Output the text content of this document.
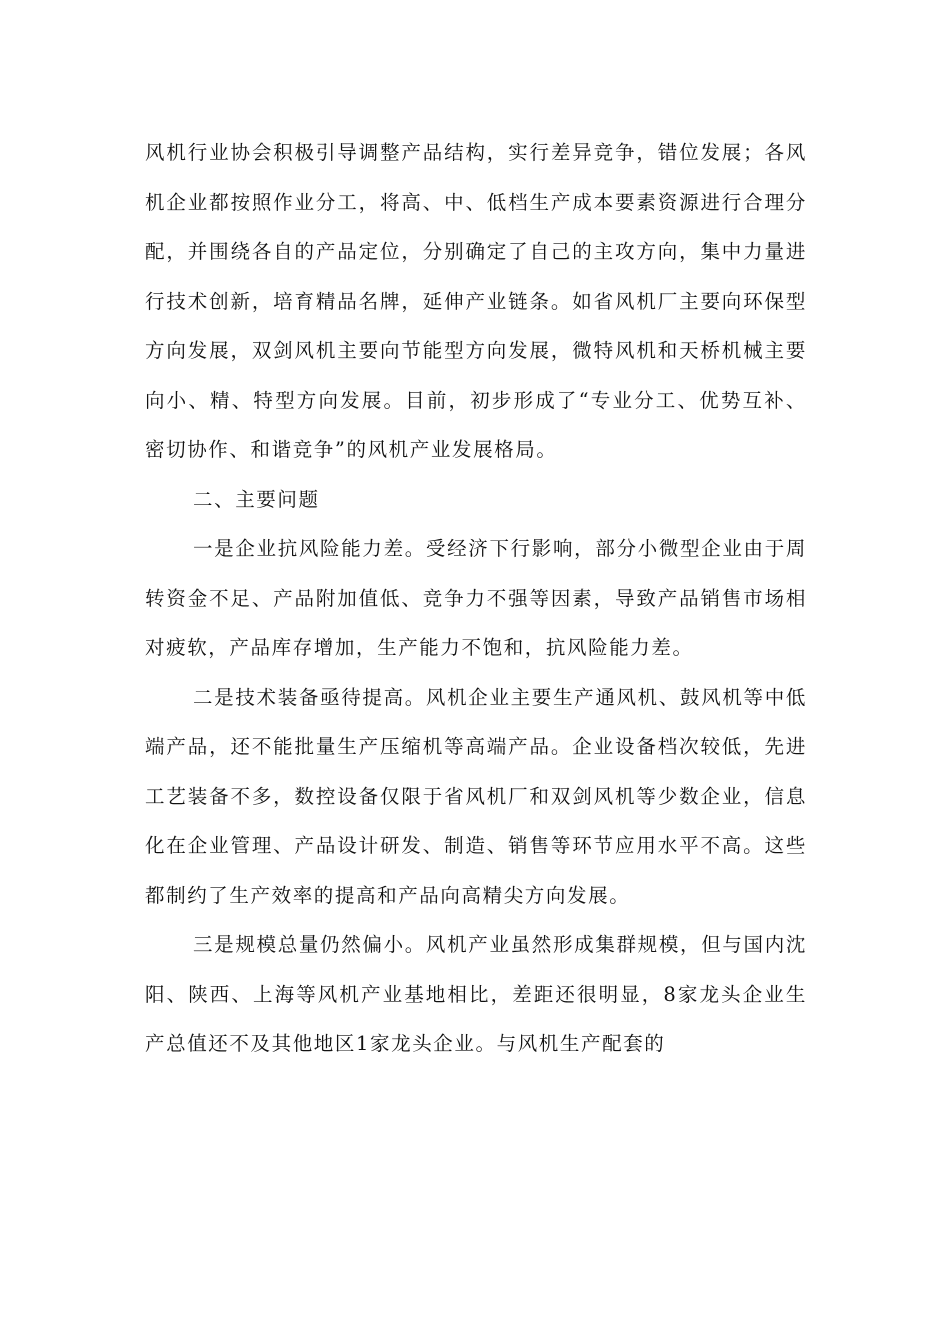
风机行业协会积极引导调整产品结构，实行差异竞争，错位发展；各风机企业都按照作业分工，将高、中、低档生产成本要素资源进行合理分配，并围绕各自的产品定位，分别确定了自己的主攻方向，集中力量进行技术创新，培育精品名牌，延伸产业链条。如省风机厂主要向环保型方向发展，双剑风机主要向节能型方向发展，微特风机和天桥机械主要向小、精、特型方向发展。目前，初步形成了“专业分工、优势互补、密切协作、和谐竞争”的风机产业发展格局。

二、主要问题

一是企业抗风险能力差。受经济下行影响，部分小微型企业由于周转资金不足、产品附加值低、竞争力不强等因素，导致产品销售市场相对疲软，产品库存增加，生产能力不饱和，抗风险能力差。

二是技术装备亟待提高。风机企业主要生产通风机、鼓风机等中低端产品，还不能批量生产压缩机等高端产品。企业设备档次较低，先进工艺装备不多，数控设备仅限于省风机厂和双剑风机等少数企业，信息化在企业管理、产品设计研发、制造、销售等环节应用水平不高。这些都制约了生产效率的提高和产品向高精尖方向发展。

三是规模总量仍然偏小。风机产业虽然形成集群规模，但与国内沈阳、陕西、上海等风机产业基地相比，差距还很明显，8家龙头企业生产总值还不及其他地区1家龙头企业。与风机生产配套的
